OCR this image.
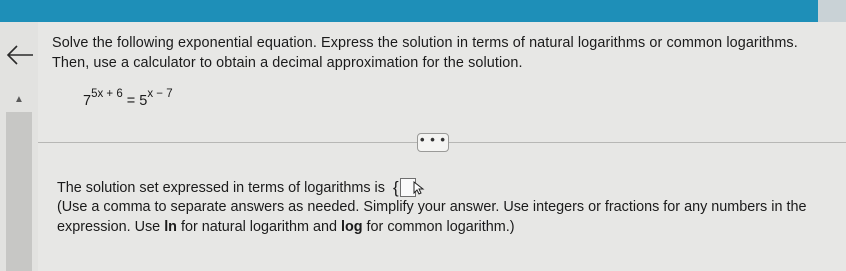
▲

Solve the following exponential equation. Express the solution in terms of natural logarithms or common logarithms. Then, use a calculator to obtain a decimal approximation for the solution.

$7^{5x + 6} = 5^{x - 7}$
• • •
The solution set expressed in terms of logarithms is {

(Use a comma to separate answers as needed. Simplify your answer. Use integers or fractions for any numbers in the expression. Use ln for natural logarithm and log for common logarithm.)
